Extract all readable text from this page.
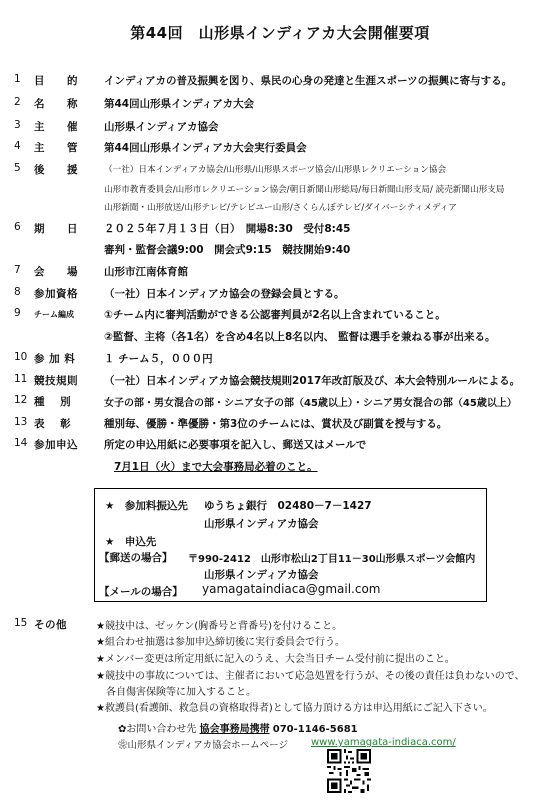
第44回　山形県インディアカ大会開催要項
1 目　　的 インディアカの普及振興を図り、県民の心身の発達と生涯スポーツの振興に寄与する。
2 名　　称 第44回山形県インディアカ大会
3 主　　催 山形県インディアカ協会
4 主　　管 第44回山形県インディアカ大会実行委員会
5 後　　援	（一社）日本インディアカ協会/山形県/山形県スポーツ協会/山形県レクリエーション協会
山形市教育委員会/山形市レクリエーション協会/朝日新聞山形総局/毎日新聞山形支局/ 読売新聞山形支局
山形新聞・山形放送/山形テレビ/テレビユー山形/さくらんぼテレビ/ダイバーシティメディア
6 期　　日 ２０２５年７月１３日（日）　開場8:30　受付8:45
審判・監督会議9:00　開会式9:15　競技開始9:40
7 会　　場 山形市江南体育館
8 参加資格 （一社）日本インディアカ協会の登録会員とする。
9 チーム編成	①チーム内に審判活動ができる公認審判員が2名以上含まれていること。
②監督、主将（各1名）を含め4名以上8名以内、 監督は選手を兼ねる事が出来る。
10 参 加 料	１ チーム５，０００円
11 競技規則 （一社）日本インディアカ協会競技規則2017年改訂版及び、本大会特別ルールによる。
12 種　 別	女子の部・男女混合の部・シニア女子の部（45歳以上）・シニア男女混合の部（45歳以上）
13 表　 彰	種別毎、優勝・準優勝・第3位のチームには、賞状及び副賞を授与する。
14 参加申込 所定の申込用紙に必要事項を記入し、郵送又はメールで
7月1日（火）まで大会事務局必着のこと。
★　参加料振込先 ゆうちょ銀行　02480－7－1427
山形県インディアカ協会
★　申込先
【郵送の場合】 〒990-2412　山形市松山2丁目11－30山形県スポーツ会館内
山形県インディアカ協会
【メールの場合】 yamagataindiaca@gmail.com
15 その他	★競技中は、ゼッケン(胸番号と背番号)を付けること。
★組合わせ抽選は参加申込締切後に実行委員会で行う。
★メンバー変更は所定用紙に記入のうえ、大会当日チーム受付前に提出のこと。
★競技中の事故については、主催者において応急処置を行うが、その後の責任は負わないので、
　各自傷害保険等に加入すること。
★救護員(看護師、救急員の資格取得者)として協力頂ける方は申込用紙にご記入下さい。
✿お問い合わせ先 協会事務局携帯 070-1146-5681
❀山形県インディアカ協会ホームページ www.yamagata-indiaca.com/
